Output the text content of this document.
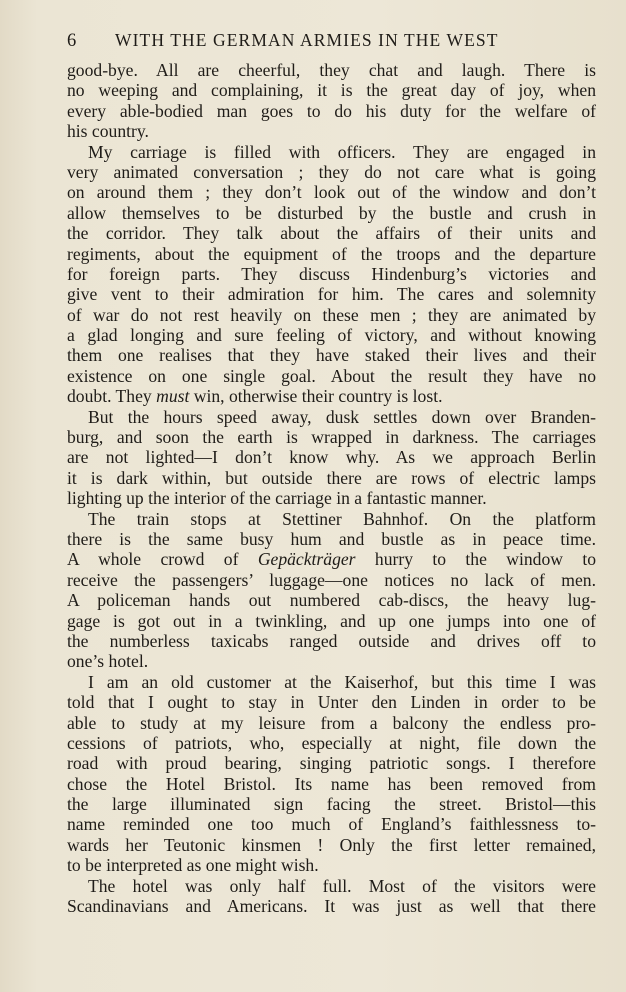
6	WITH THE GERMAN ARMIES IN THE WEST
good-bye. All are cheerful, they chat and laugh. There is
no weeping and complaining, it is the great day of joy, when
every able-bodied man goes to do his duty for the welfare of
his country.
My carriage is filled with officers. They are engaged in
very animated conversation ; they do not care what is going
on around them ; they don’t look out of the window and don’t
allow themselves to be disturbed by the bustle and crush in
the corridor. They talk about the affairs of their units and
regiments, about the equipment of the troops and the departure
for foreign parts. They discuss Hindenburg’s victories and
give vent to their admiration for him. The cares and solemnity
of war do not rest heavily on these men ; they are animated by
a glad longing and sure feeling of victory, and without knowing
them one realises that they have staked their lives and their
existence on one single goal. About the result they have no
doubt. They must win, otherwise their country is lost.
But the hours speed away, dusk settles down over Branden-
burg, and soon the earth is wrapped in darkness. The carriages
are not lighted—I don’t know why. As we approach Berlin
it is dark within, but outside there are rows of electric lamps
lighting up the interior of the carriage in a fantastic manner.
The train stops at Stettiner Bahnhof. On the platform
there is the same busy hum and bustle as in peace time.
A whole crowd of Gepäckträger hurry to the window to
receive the passengers’ luggage—one notices no lack of men.
A policeman hands out numbered cab-discs, the heavy lug-
gage is got out in a twinkling, and up one jumps into one of
the numberless taxicabs ranged outside and drives off to
one’s hotel.
I am an old customer at the Kaiserhof, but this time I was
told that I ought to stay in Unter den Linden in order to be
able to study at my leisure from a balcony the endless pro-
cessions of patriots, who, especially at night, file down the
road with proud bearing, singing patriotic songs. I therefore
chose the Hotel Bristol. Its name has been removed from
the large illuminated sign facing the street. Bristol—this
name reminded one too much of England’s faithlessness to-
wards her Teutonic kinsmen ! Only the first letter remained,
to be interpreted as one might wish.
The hotel was only half full. Most of the visitors were
Scandinavians and Americans. It was just as well that there
